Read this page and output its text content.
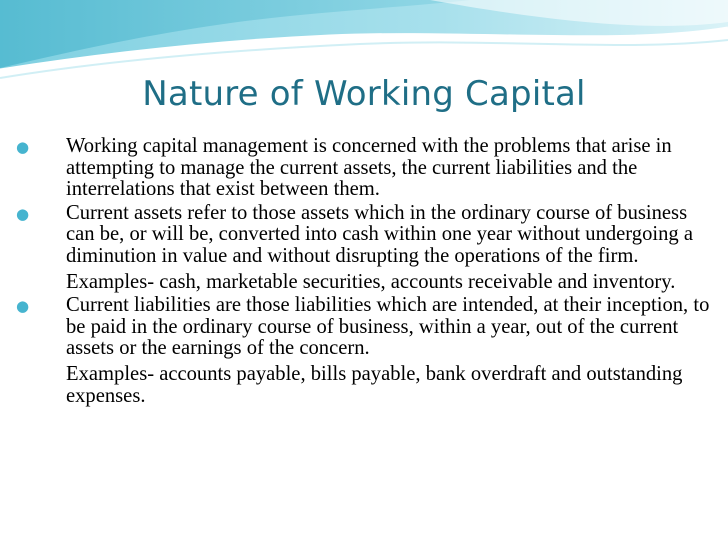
Nature of Working Capital
● Working capital management is concerned with the problems that arise in attempting to manage the current assets, the current liabilities and the interrelations that exist between them.
● Current assets refer to those assets which in the ordinary course of business can be, or will be, converted into cash within one year without undergoing a diminution in value and without disrupting the operations of the firm.
Examples- cash, marketable securities, accounts receivable and inventory.
● Current liabilities are those liabilities which are intended, at their inception, to be paid in the ordinary course of business, within a year, out of the current assets or the earnings of the concern.
Examples- accounts payable, bills payable, bank overdraft and outstanding expenses.
